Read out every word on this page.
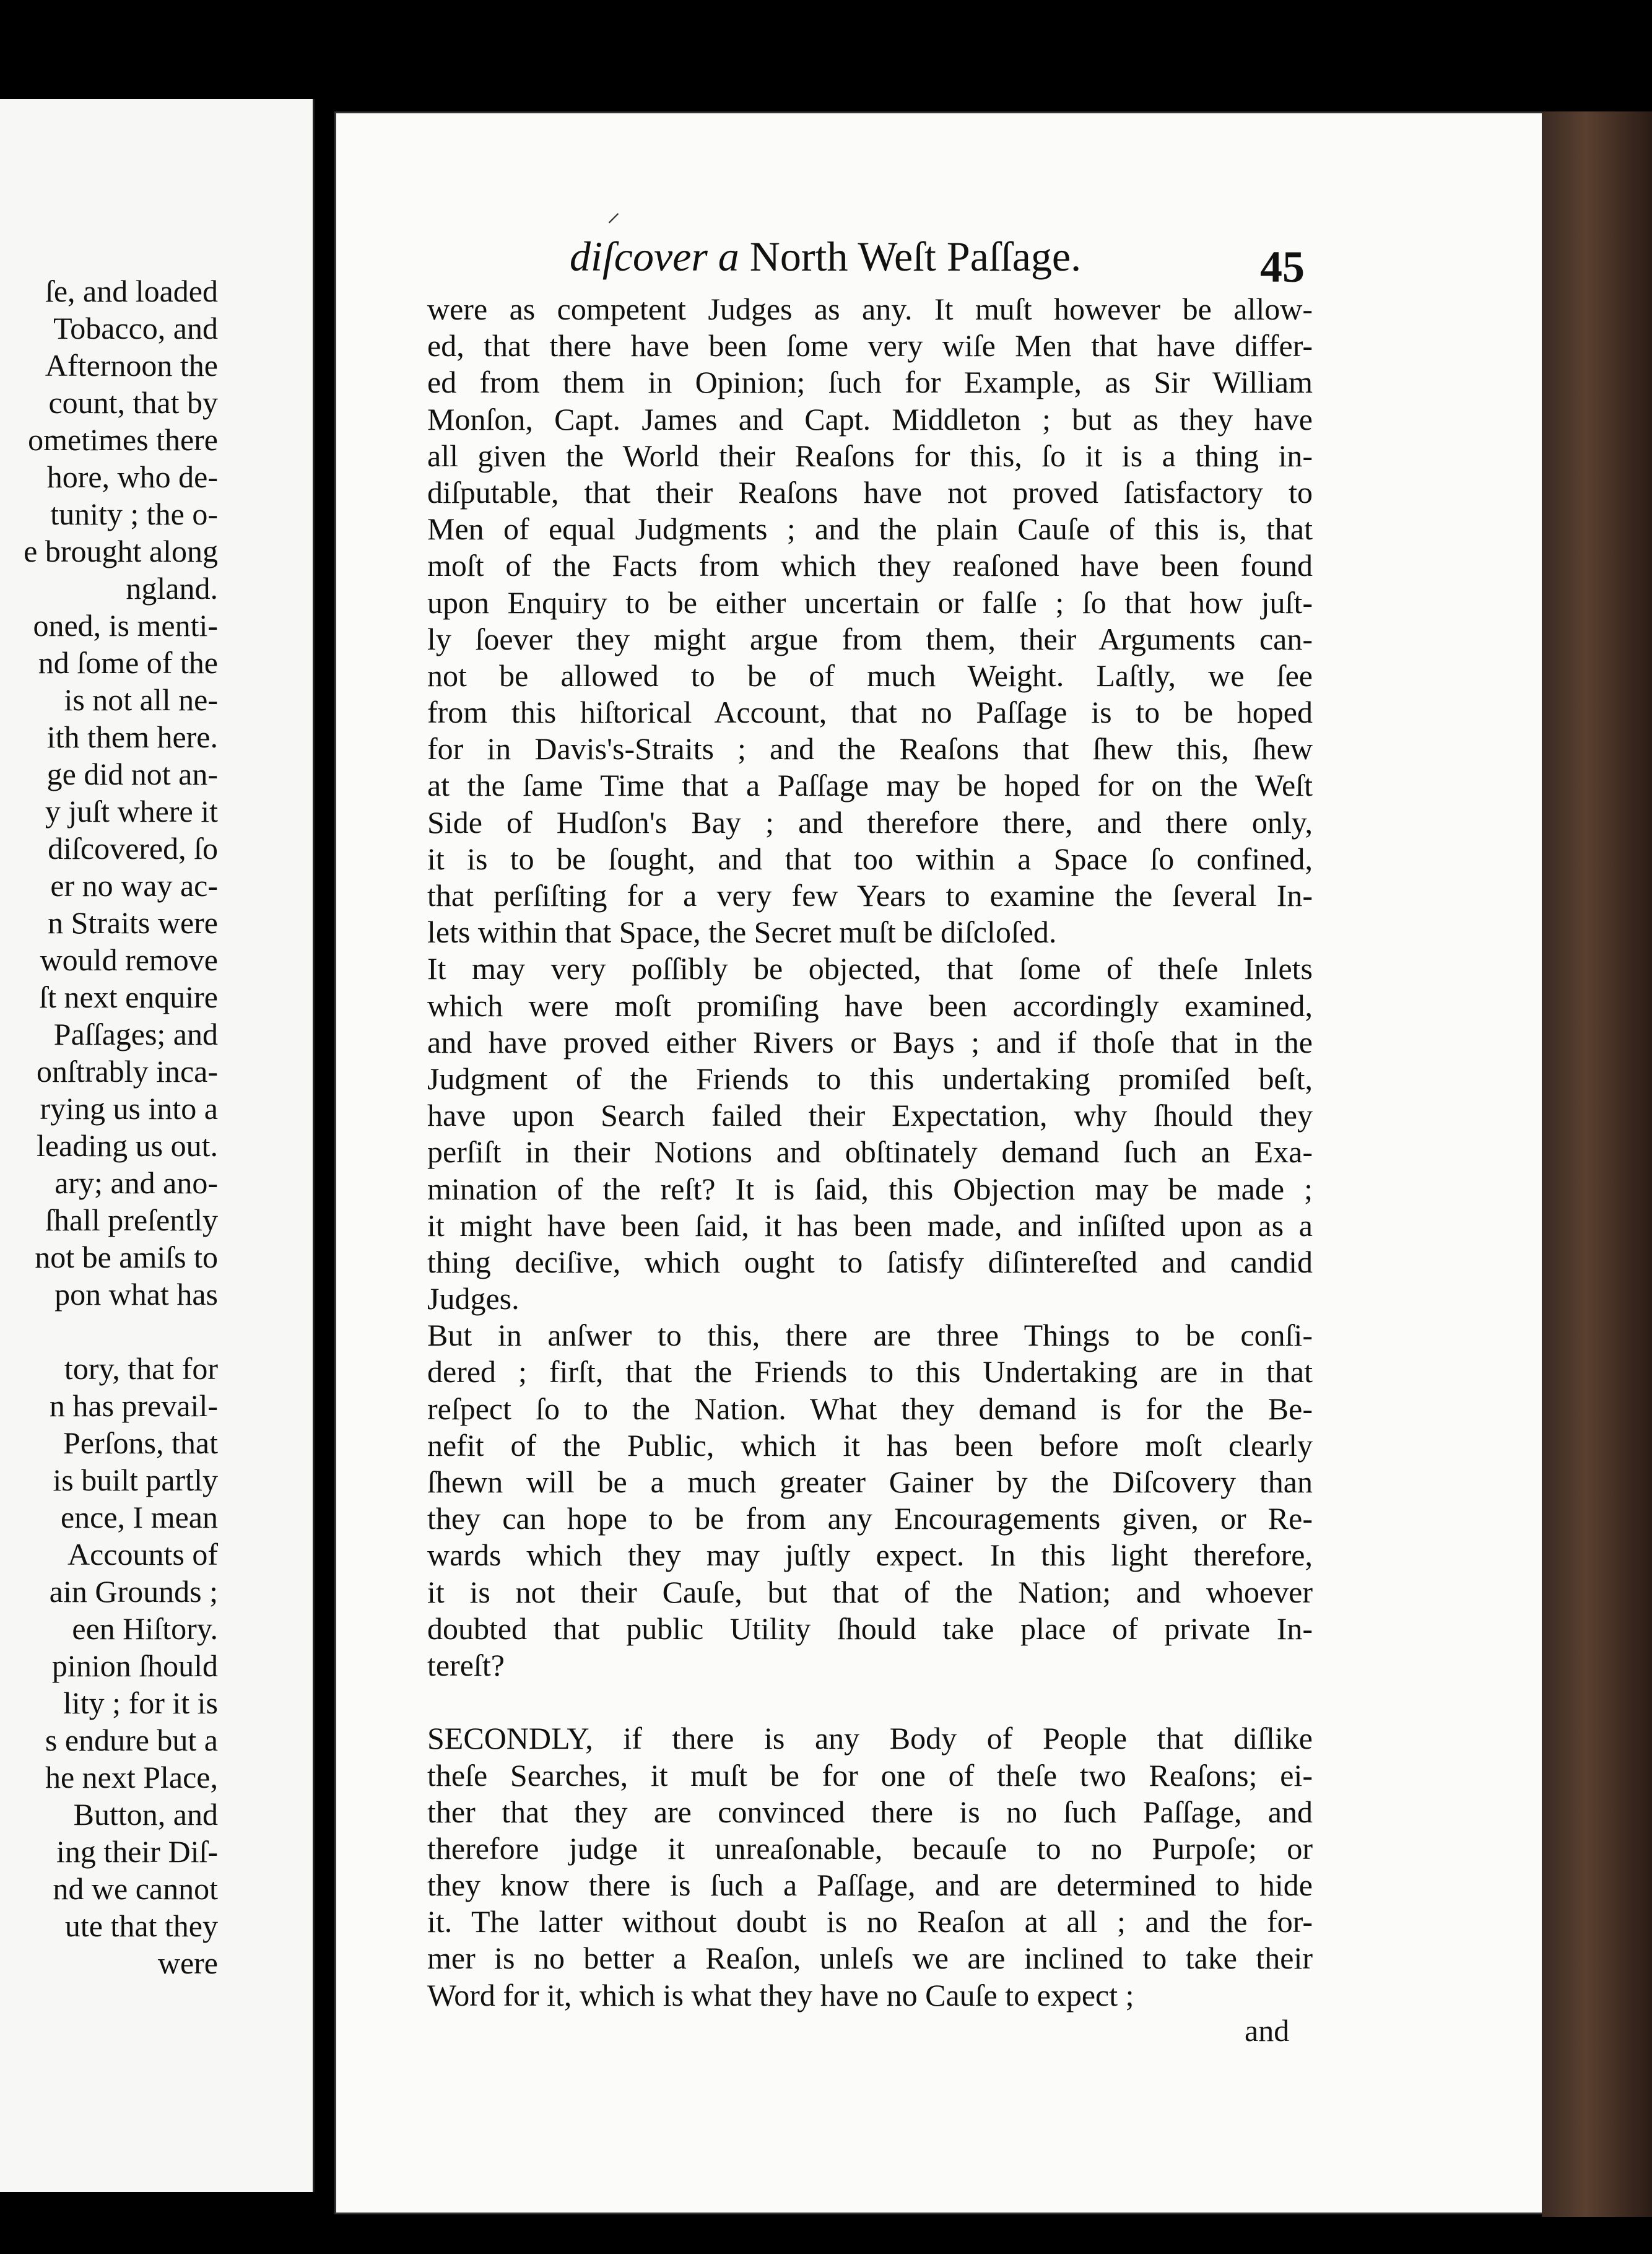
ſe, and loaded
Tobacco, and
Afternoon the
count, that by
ometimes there
hore, who de-
tunity ; the o-
e brought along
ngland.
oned, is menti-
nd ſome of the
is not all ne-
ith them here.
ge did not an-
y juſt where it
diſcovered, ſo
er no way ac-
n Straits were
would remove
ſt next enquire
Paſſages; and
onſtrably inca-
rying us into a
leading us out.
ary; and ano-
ſhall preſently
not be amiſs to
pon what has

tory, that for
n has prevail-
Perſons, that
is built partly
ence, I mean
Accounts of
ain Grounds ;
een Hiſtory.
pinion ſhould
lity ; for it is
s endure but a
he next Place,
Button, and
ing their Diſ-
nd we cannot
ute that they
were
⸝
diſcover a North Weſt Paſſage.	45
were as competent Judges as any. It muſt however be allow-
ed, that there have been ſome very wiſe Men that have differ-
ed from them in Opinion; ſuch for Example, as Sir William
Monſon, Capt. James and Capt. Middleton ; but as they have
all given the World their Reaſons for this, ſo it is a thing in-
diſputable, that their Reaſons have not proved ſatisfactory to
Men of equal Judgments ; and the plain Cauſe of this is, that
moſt of the Facts from which they reaſoned have been found
upon Enquiry to be either uncertain or falſe ; ſo that how juſt-
ly ſoever they might argue from them, their Arguments can-
not be allowed to be of much Weight. Laſtly, we ſee
from this hiſtorical Account, that no Paſſage is to be hoped
for in Davis's-Straits ; and the Reaſons that ſhew this, ſhew
at the ſame Time that a Paſſage may be hoped for on the Weſt
Side of Hudſon's Bay ; and therefore there, and there only,
it is to be ſought, and that too within a Space ſo confined,
that perſiſting for a very few Years to examine the ſeveral In-
lets within that Space, the Secret muſt be diſcloſed.
It may very poſſibly be objected, that ſome of theſe Inlets
which were moſt promiſing have been accordingly examined,
and have proved either Rivers or Bays ; and if thoſe that in the
Judgment of the Friends to this undertaking promiſed beſt,
have upon Search failed their Expectation, why ſhould they
perſiſt in their Notions and obſtinately demand ſuch an Exa-
mination of the reſt? It is ſaid, this Objection may be made ;
it might have been ſaid, it has been made, and inſiſted upon as a
thing deciſive, which ought to ſatisfy diſintereſted and candid
Judges.
But in anſwer to this, there are three Things to be conſi-
dered ; firſt, that the Friends to this Undertaking are in that
reſpect ſo to the Nation. What they demand is for the Be-
nefit of the Public, which it has been before moſt clearly
ſhewn will be a much greater Gainer by the Diſcovery than
they can hope to be from any Encouragements given, or Re-
wards which they may juſtly expect. In this light therefore,
it is not their Cauſe, but that of the Nation; and whoever
doubted that public Utility ſhould take place of private In-
tereſt?

SECONDLY, if there is any Body of People that diſlike
theſe Searches, it muſt be for one of theſe two Reaſons; ei-
ther that they are convinced there is no ſuch Paſſage, and
therefore judge it unreaſonable, becauſe to no Purpoſe; or
they know there is ſuch a Paſſage, and are determined to hide
it. The latter without doubt is no Reaſon at all ; and the for-
mer is no better a Reaſon, unleſs we are inclined to take their
Word for it, which is what they have no Cauſe to expect ;
and
